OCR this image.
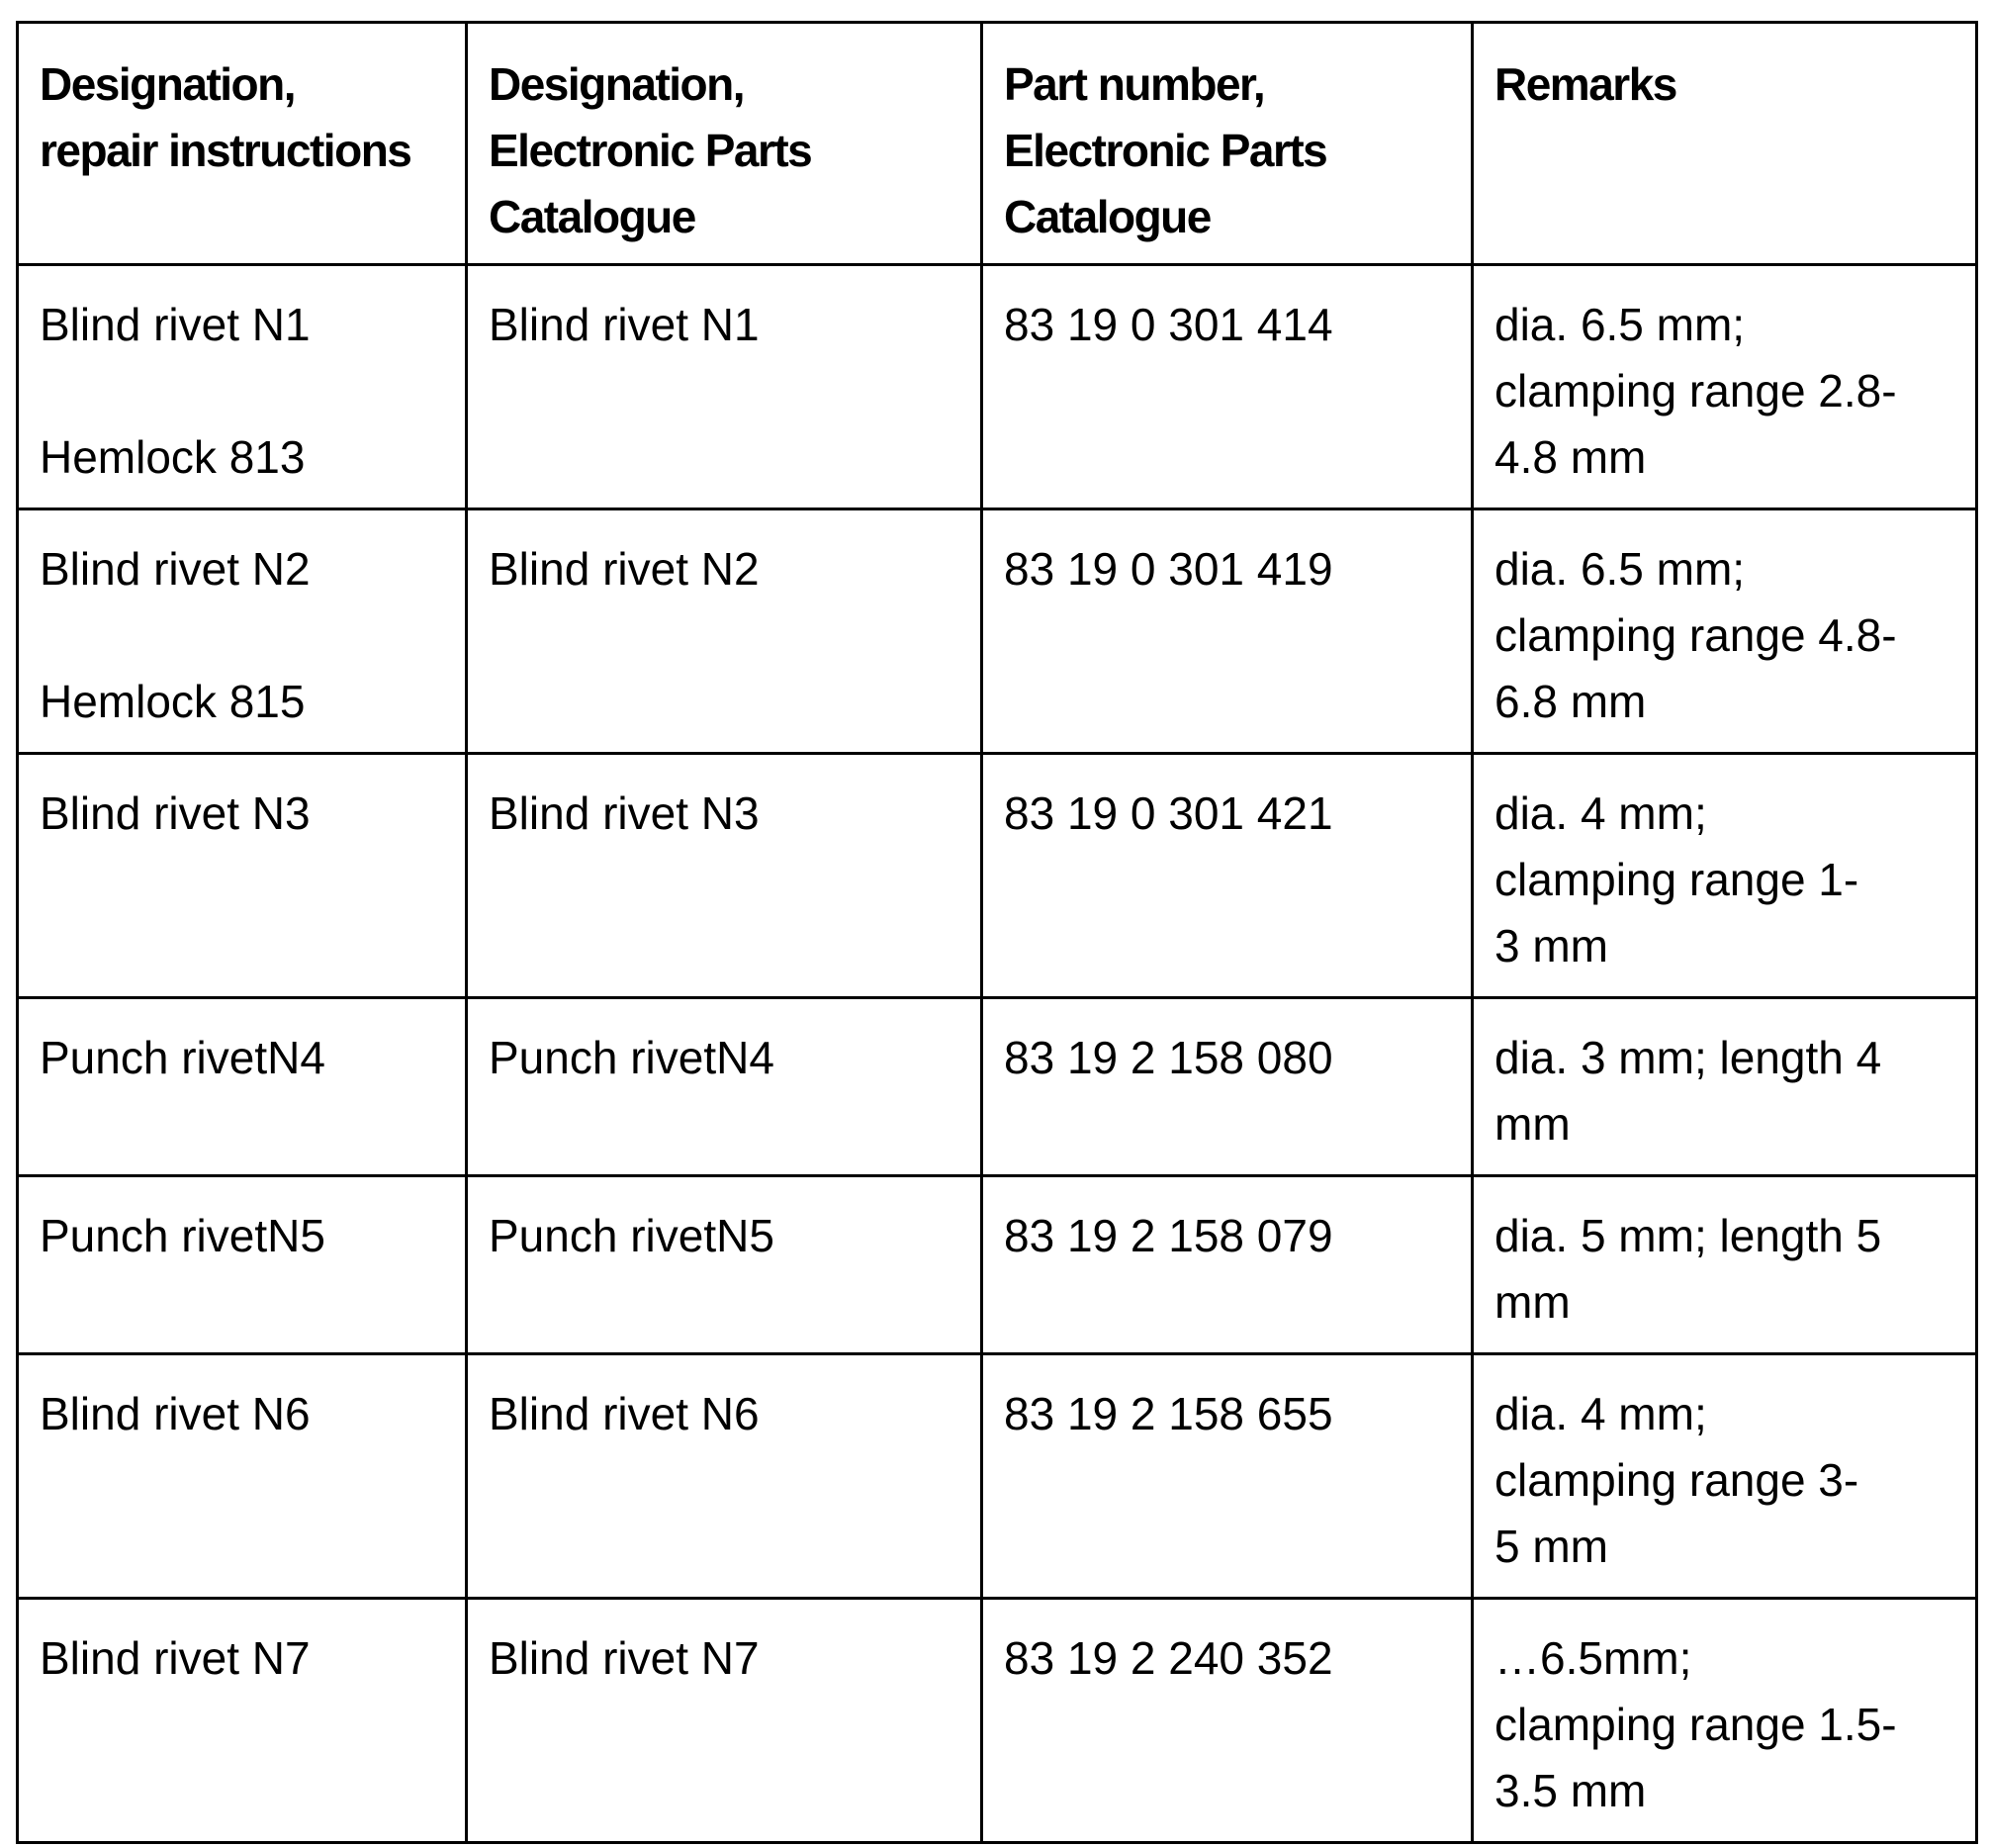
Designation,
repair instructions	Designation,
Electronic Parts
Catalogue	Part number,
Electronic Parts
Catalogue	Remarks
Blind rivet N1
Hemlock 813	Blind rivet N1	83 19 0 301 414	dia. 6.5 mm;
clamping range 2.8-
4.8 mm
Blind rivet N2
Hemlock 815	Blind rivet N2	83 19 0 301 419	dia. 6.5 mm;
clamping range 4.8-
6.8 mm
Blind rivet N3	Blind rivet N3	83 19 0 301 421	dia. 4 mm;
clamping range 1-
3 mm
Punch rivetN4	Punch rivetN4	83 19 2 158 080	dia. 3 mm; length 4
mm
Punch rivetN5	Punch rivetN5	83 19 2 158 079	dia. 5 mm; length 5
mm
Blind rivet N6	Blind rivet N6	83 19 2 158 655	dia. 4 mm;
clamping range 3-
5 mm
Blind rivet N7	Blind rivet N7	83 19 2 240 352	…6.5mm;
clamping range 1.5-
3.5 mm
